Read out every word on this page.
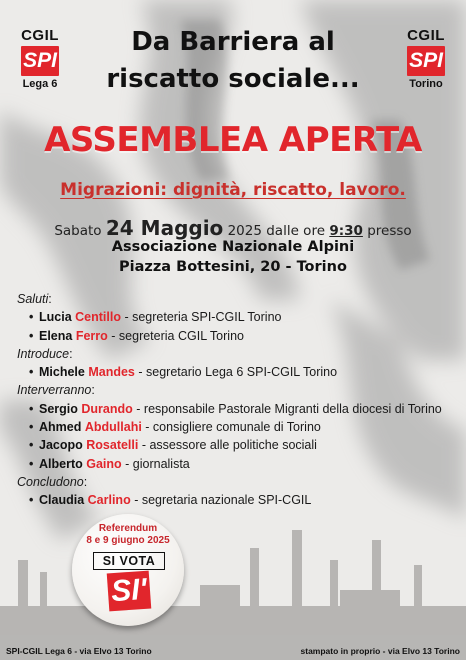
CGIL
SPI
Lega 6
CGIL
SPI
Torino
Da Barriera al
riscatto sociale...
ASSEMBLEA APERTA
Migrazioni: dignità, riscatto, lavoro.
Sabato 24 Maggio 2025 dalle ore 9:30 presso
Associazione Nazionale Alpini
Piazza Bottesini, 20 - Torino
Saluti:
• Lucia Centillo - segreteria SPI-CGIL Torino
• Elena Ferro - segreteria CGIL Torino
Introduce:
• Michele Mandes - segretario Lega 6 SPI-CGIL Torino
Interverranno:
• Sergio Durando - responsabile Pastorale Migranti della diocesi di Torino
• Ahmed Abdullahi - consigliere comunale di Torino
• Jacopo Rosatelli - assessore alle politiche sociali
• Alberto Gaino - giornalista
Concludono:
• Claudia Carlino - segretaria nazionale SPI-CGIL
Referendum
8 e 9 giugno 2025
SI VOTA
SI'
SPI-CGIL Lega 6 - via Elvo 13 Torino	stampato in proprio - via Elvo 13 Torino
